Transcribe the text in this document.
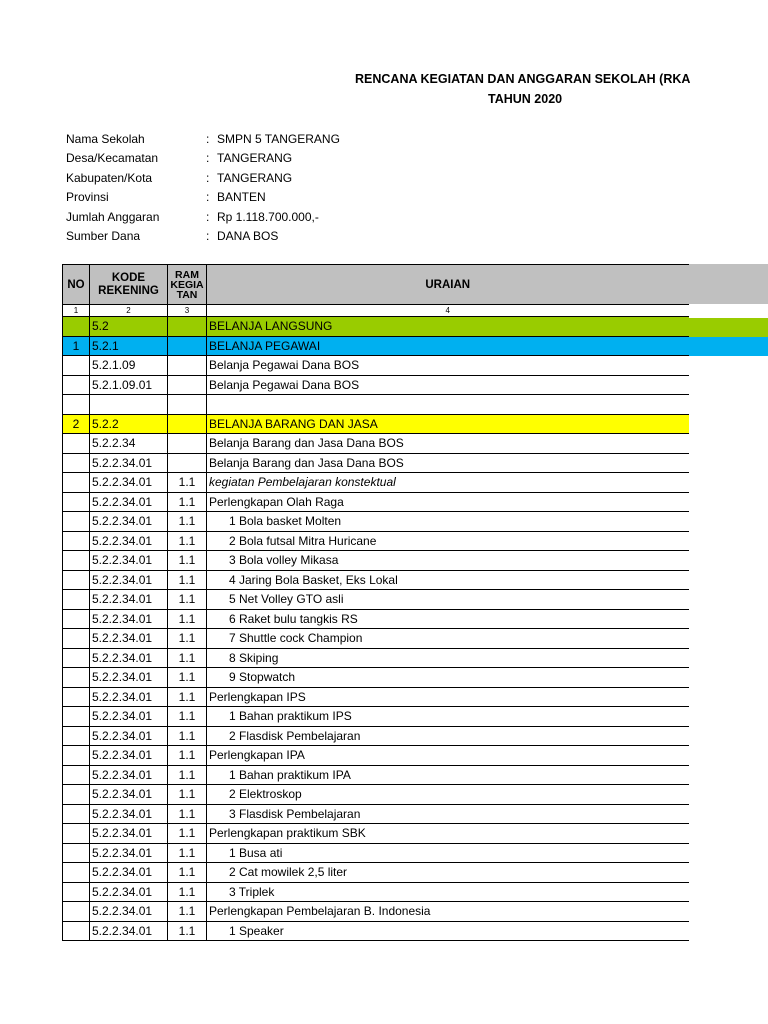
RENCANA KEGIATAN DAN ANGGARAN SEKOLAH (RKA
TAHUN 2020
Nama Sekolah	: SMPN 5 TANGERANG
Desa/Kecamatan	: TANGERANG
Kabupaten/Kota	: TANGERANG
Provinsi	: BANTEN
Jumlah Anggaran	: Rp 1.118.700.000,-
Sumber Dana	: DANA BOS
NO	KODE REKENING	RAM KEGIA TAN	URAIAN
1	2	3	4
	5.2		BELANJA LANGSUNG
1	5.2.1		BELANJA PEGAWAI
	5.2.1.09		Belanja Pegawai Dana BOS
	5.2.1.09.01		Belanja Pegawai Dana BOS

2	5.2.2		BELANJA BARANG DAN JASA
	5.2.2.34		Belanja Barang dan Jasa Dana BOS
	5.2.2.34.01		Belanja Barang dan Jasa Dana BOS
	5.2.2.34.01	1.1	kegiatan Pembelajaran konstektual
	5.2.2.34.01	1.1	Perlengkapan Olah Raga
	5.2.2.34.01	1.1	1 Bola basket Molten
	5.2.2.34.01	1.1	2 Bola futsal Mitra Huricane
	5.2.2.34.01	1.1	3 Bola volley Mikasa
	5.2.2.34.01	1.1	4 Jaring Bola Basket, Eks Lokal
	5.2.2.34.01	1.1	5 Net Volley GTO asli
	5.2.2.34.01	1.1	6 Raket bulu tangkis RS
	5.2.2.34.01	1.1	7 Shuttle cock Champion
	5.2.2.34.01	1.1	8 Skiping
	5.2.2.34.01	1.1	9 Stopwatch
	5.2.2.34.01	1.1	Perlengkapan IPS
	5.2.2.34.01	1.1	1 Bahan praktikum IPS
	5.2.2.34.01	1.1	2 Flasdisk Pembelajaran
	5.2.2.34.01	1.1	Perlengkapan IPA
	5.2.2.34.01	1.1	1 Bahan praktikum IPA
	5.2.2.34.01	1.1	2 Elektroskop
	5.2.2.34.01	1.1	3 Flasdisk Pembelajaran
	5.2.2.34.01	1.1	Perlengkapan praktikum SBK
	5.2.2.34.01	1.1	1 Busa ati
	5.2.2.34.01	1.1	2 Cat mowilek 2,5 liter
	5.2.2.34.01	1.1	3 Triplek
	5.2.2.34.01	1.1	Perlengkapan Pembelajaran B. Indonesia
	5.2.2.34.01	1.1	1 Speaker
